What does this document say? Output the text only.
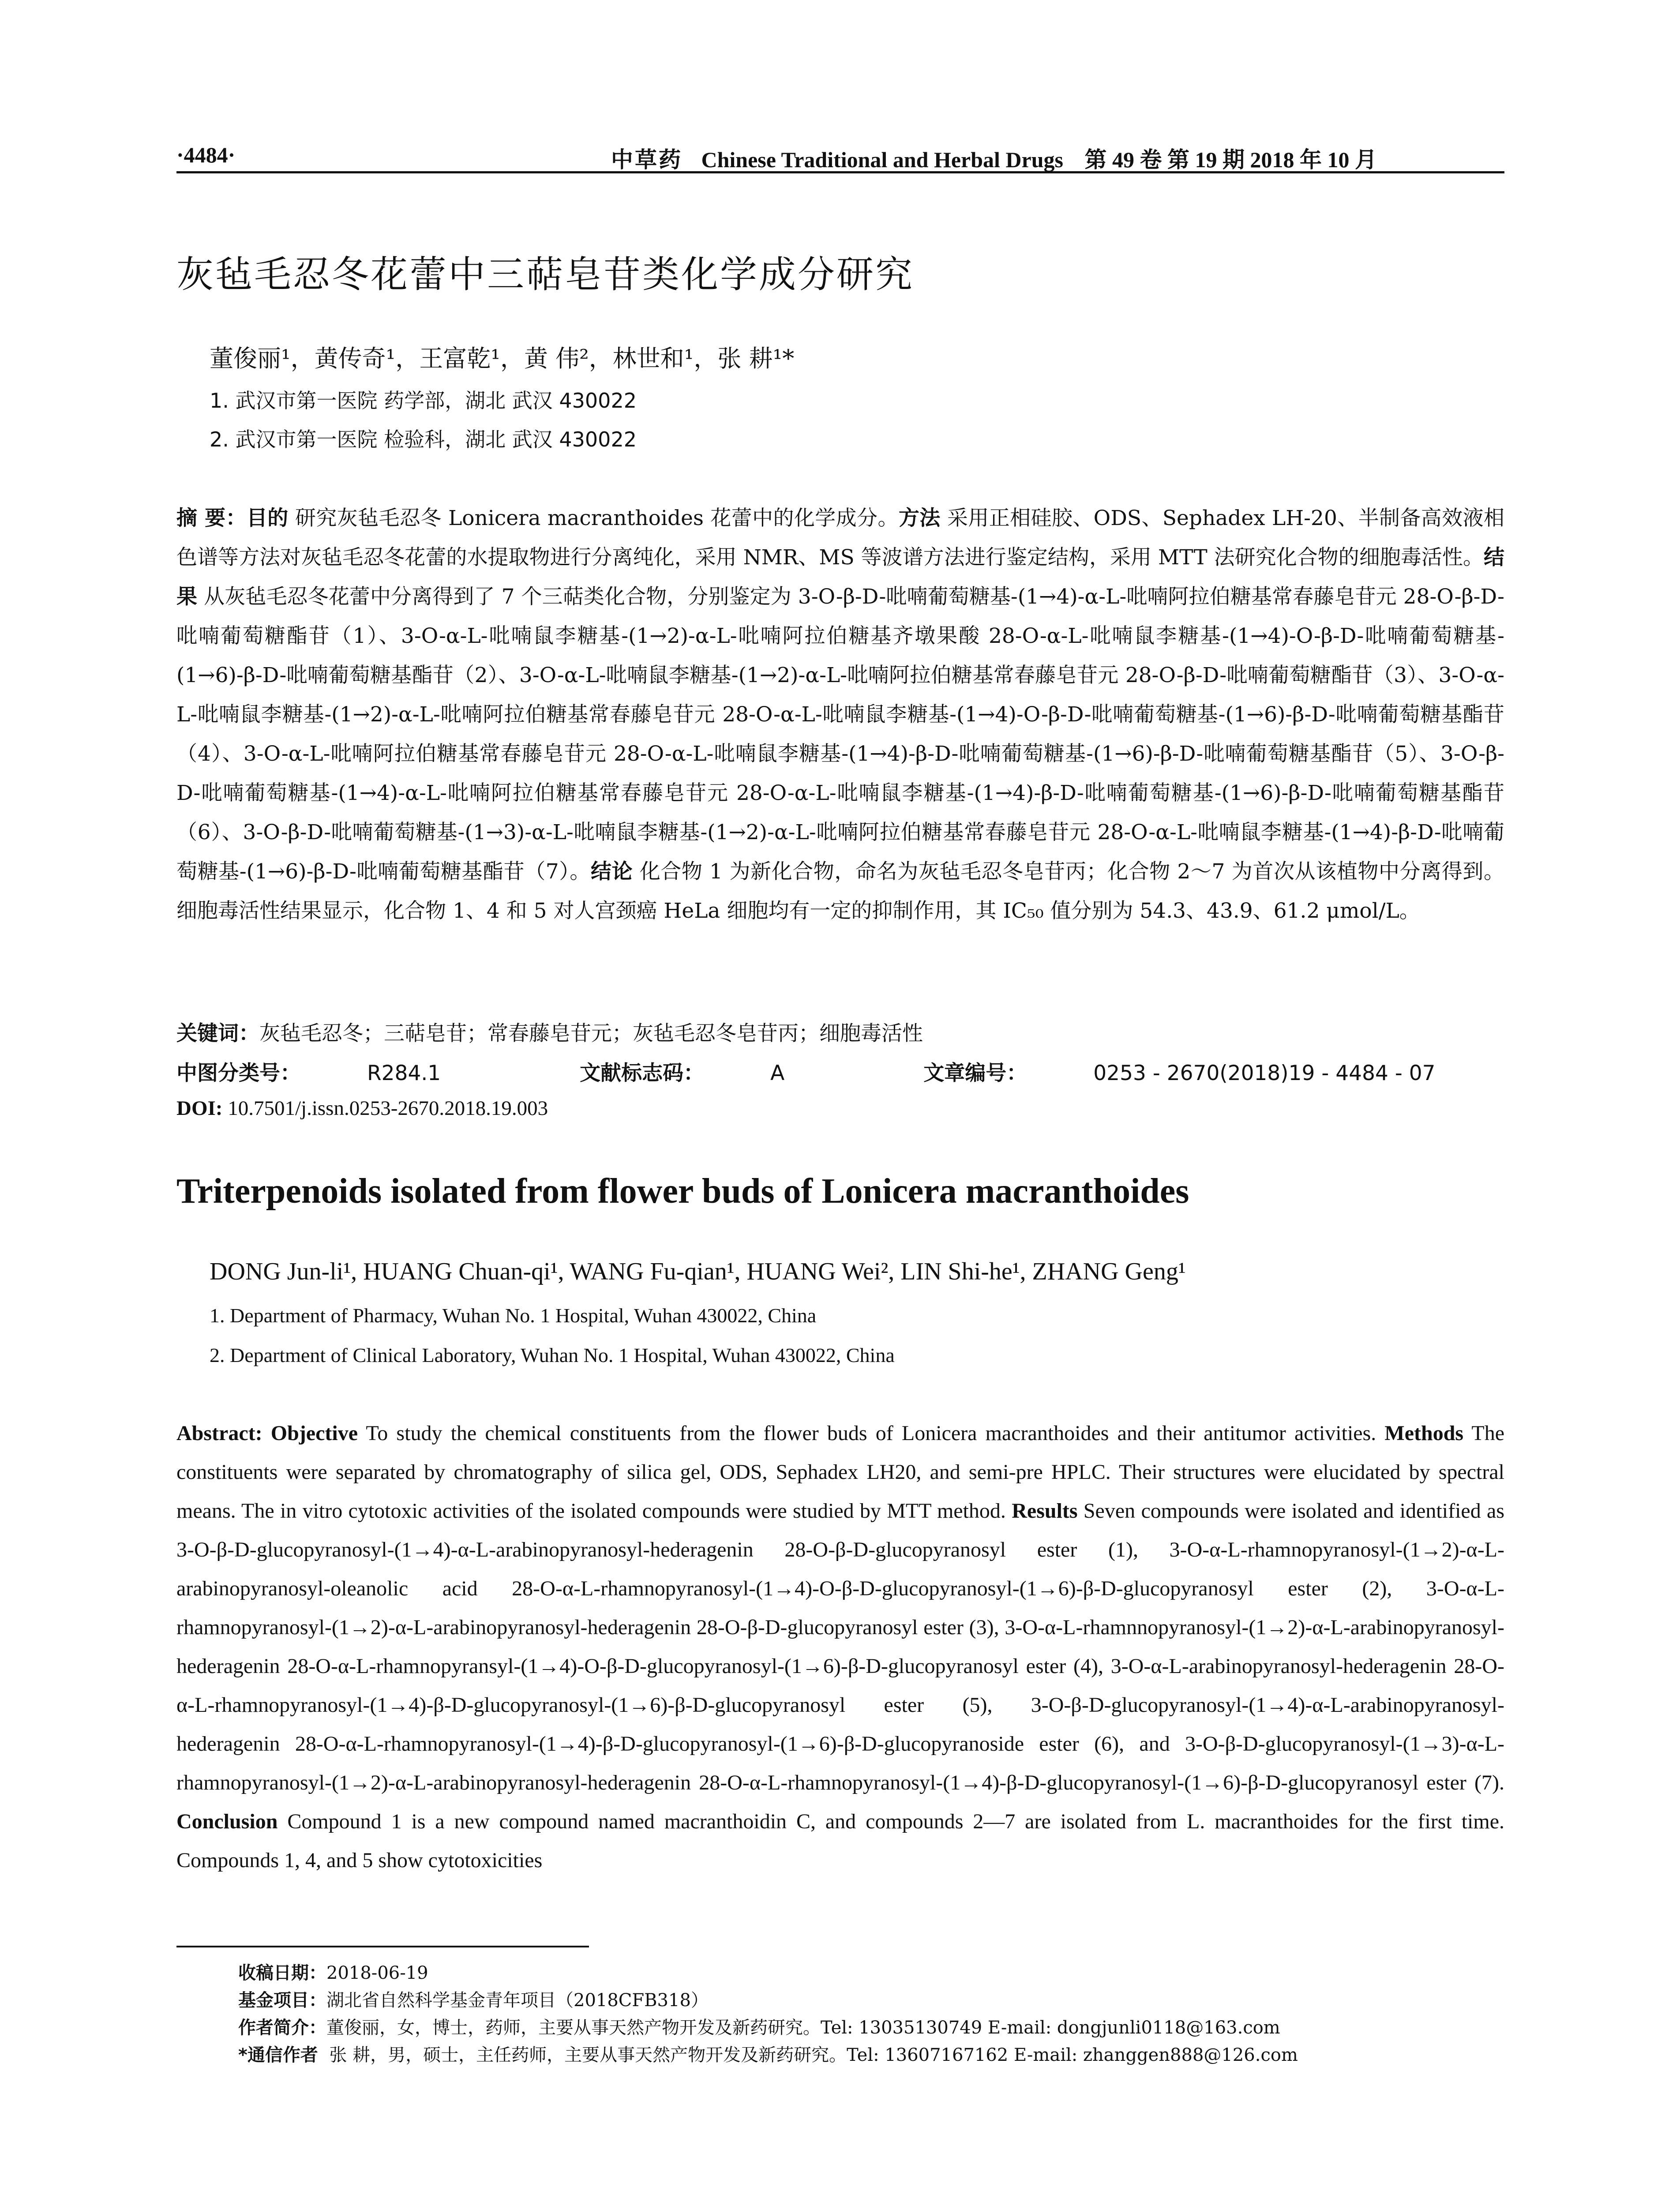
·4484·	中草药 Chinese Traditional and Herbal Drugs 第 49 卷 第 19 期 2018 年 10 月
灰毡毛忍冬花蕾中三萜皂苷类化学成分研究
董俊丽¹，黄传奇¹，王富乾¹，黄 伟²，林世和¹，张 耕¹*
1. 武汉市第一医院 药学部，湖北 武汉 430022
2. 武汉市第一医院 检验科，湖北 武汉 430022
摘 要：目的 研究灰毡毛忍冬 Lonicera macranthoides 花蕾中的化学成分。方法 采用正相硅胶、ODS、Sephadex LH-20、半制备高效液相色谱等方法对灰毡毛忍冬花蕾的水提取物进行分离纯化，采用 NMR、MS 等波谱方法进行鉴定结构，采用 MTT 法研究化合物的细胞毒活性。结果 从灰毡毛忍冬花蕾中分离得到了 7 个三萜类化合物，分别鉴定为 3-O-β-D-吡喃葡萄糖基-(1→4)-α-L-吡喃阿拉伯糖基常春藤皂苷元 28-O-β-D-吡喃葡萄糖酯苷（1）、3-O-α-L-吡喃鼠李糖基-(1→2)-α-L-吡喃阿拉伯糖基齐墩果酸 28-O-α-L-吡喃鼠李糖基-(1→4)-O-β-D-吡喃葡萄糖基-(1→6)-β-D-吡喃葡萄糖基酯苷（2）、3-O-α-L-吡喃鼠李糖基-(1→2)-α-L-吡喃阿拉伯糖基常春藤皂苷元 28-O-β-D-吡喃葡萄糖酯苷（3）、3-O-α-L-吡喃鼠李糖基-(1→2)-α-L-吡喃阿拉伯糖基常春藤皂苷元 28-O-α-L-吡喃鼠李糖基-(1→4)-O-β-D-吡喃葡萄糖基-(1→6)-β-D-吡喃葡萄糖基酯苷（4）、3-O-α-L-吡喃阿拉伯糖基常春藤皂苷元 28-O-α-L-吡喃鼠李糖基-(1→4)-β-D-吡喃葡萄糖基-(1→6)-β-D-吡喃葡萄糖基酯苷（5）、3-O-β-D-吡喃葡萄糖基-(1→4)-α-L-吡喃阿拉伯糖基常春藤皂苷元 28-O-α-L-吡喃鼠李糖基-(1→4)-β-D-吡喃葡萄糖基-(1→6)-β-D-吡喃葡萄糖基酯苷（6）、3-O-β-D-吡喃葡萄糖基-(1→3)-α-L-吡喃鼠李糖基-(1→2)-α-L-吡喃阿拉伯糖基常春藤皂苷元 28-O-α-L-吡喃鼠李糖基-(1→4)-β-D-吡喃葡萄糖基-(1→6)-β-D-吡喃葡萄糖基酯苷（7）。结论 化合物 1 为新化合物，命名为灰毡毛忍冬皂苷丙；化合物 2～7 为首次从该植物中分离得到。细胞毒活性结果显示，化合物 1、4 和 5 对人宫颈癌 HeLa 细胞均有一定的抑制作用，其 IC₅₀ 值分别为 54.3、43.9、61.2 μmol/L。
关键词：灰毡毛忍冬；三萜皂苷；常春藤皂苷元；灰毡毛忍冬皂苷丙；细胞毒活性
中图分类号：	R284.1	文献标志码：	A	文章编号：	0253 - 2670(2018)19 - 4484 - 07
DOI: 10.7501/j.issn.0253-2670.2018.19.003
Triterpenoids isolated from flower buds of Lonicera macranthoides
DONG Jun-li¹, HUANG Chuan-qi¹, WANG Fu-qian¹, HUANG Wei², LIN Shi-he¹, ZHANG Geng¹
1. Department of Pharmacy, Wuhan No. 1 Hospital, Wuhan 430022, China
2. Department of Clinical Laboratory, Wuhan No. 1 Hospital, Wuhan 430022, China
Abstract: Objective To study the chemical constituents from the flower buds of Lonicera macranthoides and their antitumor activities. Methods The constituents were separated by chromatography of silica gel, ODS, Sephadex LH20, and semi-pre HPLC. Their structures were elucidated by spectral means. The in vitro cytotoxic activities of the isolated compounds were studied by MTT method. Results Seven compounds were isolated and identified as 3-O-β-D-glucopyranosyl-(1→4)-α-L-arabinopyranosyl-hederagenin 28-O-β-D-glucopyranosyl ester (1), 3-O-α-L-rhamnopyranosyl-(1→2)-α-L-arabinopyranosyl-oleanolic acid 28-O-α-L-rhamnopyranosyl-(1→4)-O-β-D-glucopyranosyl-(1→6)-β-D-glucopyranosyl ester (2), 3-O-α-L-rhamnopyranosyl-(1→2)-α-L-arabinopyranosyl-hederagenin 28-O-β-D-glucopyranosyl ester (3), 3-O-α-L-rhamnnopyranosyl-(1→2)-α-L-arabinopyranosyl-hederagenin 28-O-α-L-rhamnopyransyl-(1→4)-O-β-D-glucopyranosyl-(1→6)-β-D-glucopyranosyl ester (4), 3-O-α-L-arabinopyranosyl-hederagenin 28-O-α-L-rhamnopyranosyl-(1→4)-β-D-glucopyranosyl-(1→6)-β-D-glucopyranosyl ester (5), 3-O-β-D-glucopyranosyl-(1→4)-α-L-arabinopyranosyl-hederagenin 28-O-α-L-rhamnopyranosyl-(1→4)-β-D-glucopyranosyl-(1→6)-β-D-glucopyranoside ester (6), and 3-O-β-D-glucopyranosyl-(1→3)-α-L-rhamnopyranosyl-(1→2)-α-L-arabinopyranosyl-hederagenin 28-O-α-L-rhamnopyranosyl-(1→4)-β-D-glucopyranosyl-(1→6)-β-D-glucopyranosyl ester (7). Conclusion Compound 1 is a new compound named macranthoidin C, and compounds 2—7 are isolated from L. macranthoides for the first time. Compounds 1, 4, and 5 show cytotoxicities
收稿日期：2018-06-19
基金项目：湖北省自然科学基金青年项目（2018CFB318）
作者简介：董俊丽，女，博士，药师，主要从事天然产物开发及新药研究。Tel: 13035130749 E-mail: dongjunli0118@163.com
*通信作者 张 耕，男，硕士，主任药师，主要从事天然产物开发及新药研究。Tel: 13607167162 E-mail: zhanggen888@126.com
